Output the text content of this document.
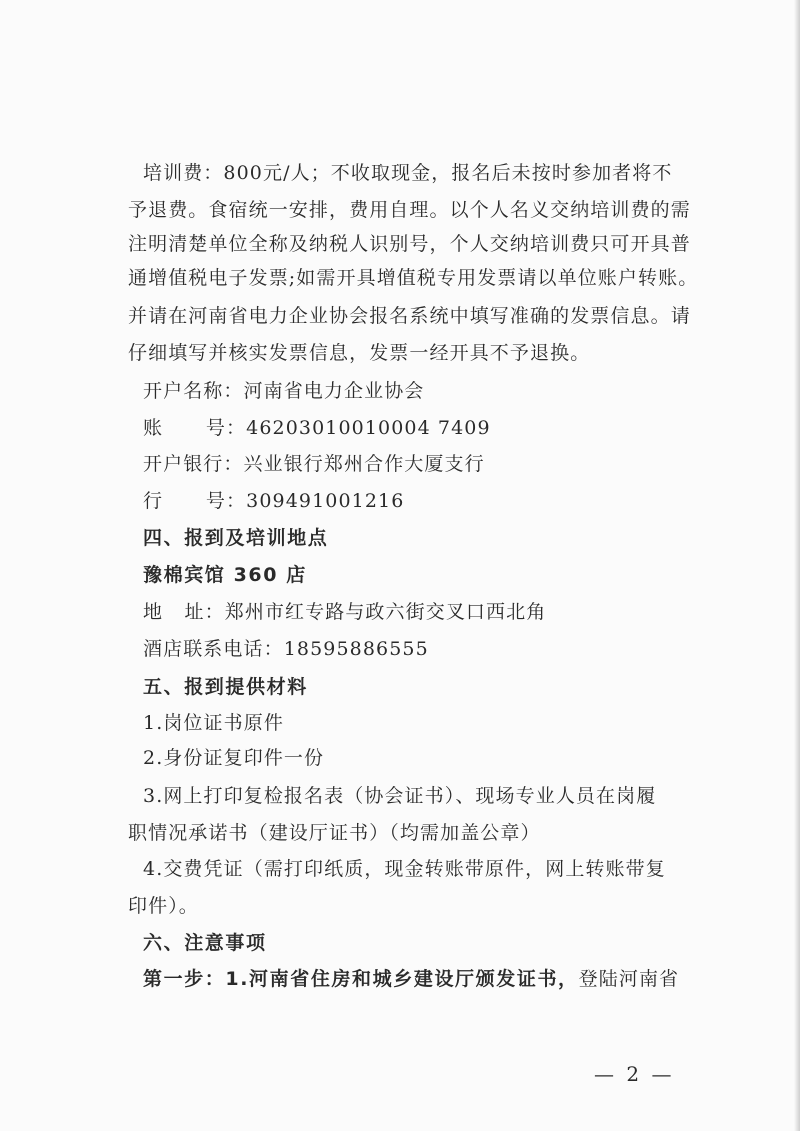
培训费：800元/人；不收取现金，报名后未按时参加者将不
予退费。食宿统一安排，费用自理。以个人名义交纳培训费的需
注明清楚单位全称及纳税人识别号，个人交纳培训费只可开具普
通增值税电子发票;如需开具增值税专用发票请以单位账户转账。
并请在河南省电力企业协会报名系统中填写准确的发票信息。请
仔细填写并核实发票信息，发票一经开具不予退换。
开户名称：河南省电力企业协会
账      号：46203010010004 7409
开户银行：兴业银行郑州合作大厦支行
行      号：309491001216
四、报到及培训地点
豫棉宾馆 360 店
地   址：郑州市红专路与政六街交叉口西北角
酒店联系电话：18595886555
五、报到提供材料
1.岗位证书原件
2.身份证复印件一份
3.网上打印复检报名表（协会证书）、现场专业人员在岗履
职情况承诺书（建设厅证书）（均需加盖公章）
4.交费凭证（需打印纸质，现金转账带原件，网上转账带复
印件）。
六、注意事项
第一步：1.河南省住房和城乡建设厅颁发证书，登陆河南省
— 2 —
